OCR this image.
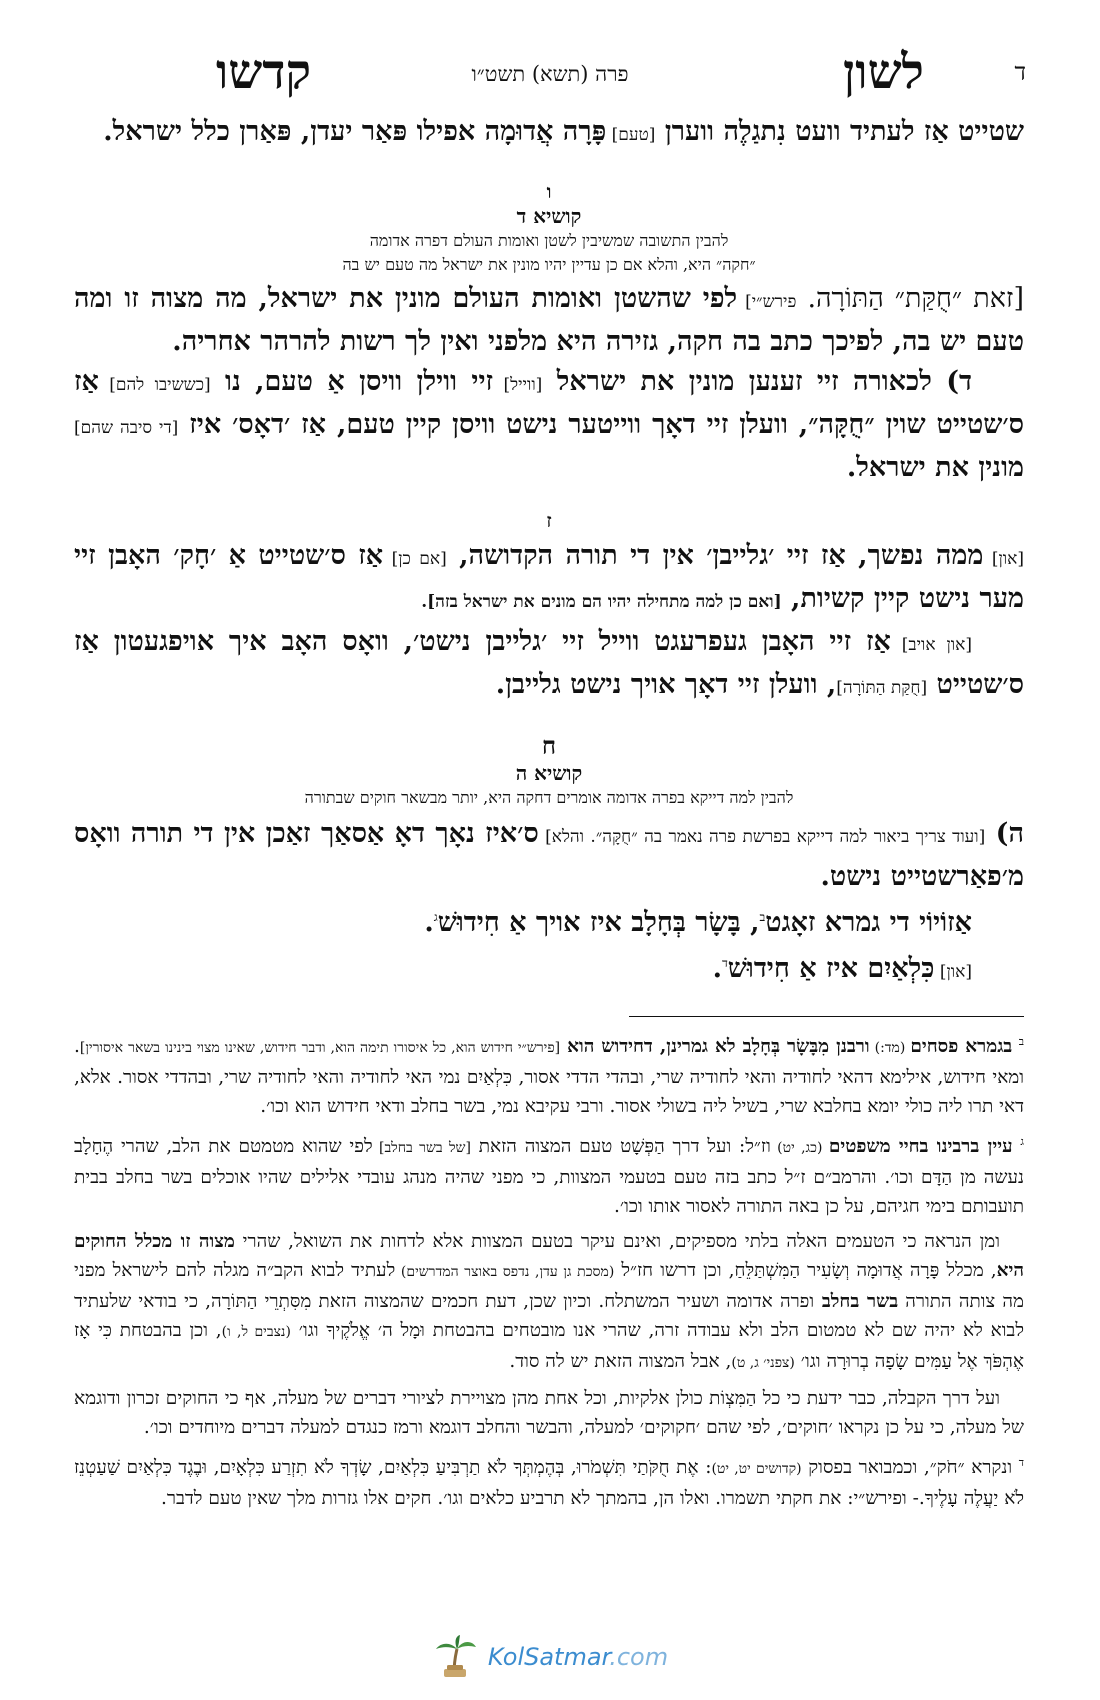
ד
לשון
פרה (תשא) תשט״ו
קדשו

שטייט אַז לעתיד וועט נִתגַלֶה ווערן [טעם] פָּרָה אֲדוּמָה אפילו פּאַר יעדן, פּאַרן כלל ישראל.

ו
קושיא ד
להבין התשובה שמשיבין לשטן ואומות העולם דפרה אדומה
״חקה״ היא, והלא אם כן עדיין יהיו מונין את ישראל מה טעם יש בה

[זאת ״חֻקַּת״ הַתּוֹרָה. פירש״י] לפי שהשטן ואומות העולם מונין את ישראל, מה מצוה זו ומה טעם יש בה, לפיכך כתב בה חקה, גזירה היא מלפני ואין לך רשות להרהר אחריה.

ד) לכאורה זיי זענען מונין את ישראל [ווייל] זיי ווילן וויסן אַ טעם, נו [כששיבו להם] אַז ס׳שטייט שוין ״חֻקָּה״, וועלן זיי דאָך ווייטער נישט וויסן קיין טעם, אַז ׳דאָס׳ איז [די סיבה שהם] מונין את ישראל.

ז

[און] ממה נפשך, אַז זיי ׳גלייבן׳ אין די תורה הקדושה, [אם כן] אַז ס׳שטייט אַ ׳חָק׳ האָבן זיי מער נישט קיין קשיות, [ואם כן למה מתחילה יהיו הם מונים את ישראל בזה].

[און אויב] אַז זיי האָבן געפרעגט ווייל זיי ׳גלייבן נישט׳, וואָס האָב איך אויפגעטון אַז ס׳שטייט [חֻקַּת הַתּוֹרָה], וועלן זיי דאָך אויך נישט גלייבן.

ח
קושיא ה
להבין למה דייקא בפרה אדומה אומרים דחקה היא, יותר מבשאר חוקים שבתורה

ה) [ועוד צריך ביאור למה דייקא בפרשת פרה נאמר בה ״חֻקָּה״. והלא] ס׳איז נאָך דאָ אַסאַך זאַכן אין די תורה וואָס מ׳פאַרשטייט נישט.

אַזוֹיוֹי די גמרא זאָגט$^ב$, בָּשָׂר בְּחָלָב איז אויך אַ חִידוּשׁ$^ג$.

[און] כִּלְאַיִם איז אַ חִידוּשׁ$^ד$.

$^ב$ בגמרא פסחים (מד:) ורבנן מִבָּשָׂר בְּחָלָב לא גמרינן, דחידוש הוא [פירש״י חידוש הוא, כל איסורו תימה הוא, ודבר חידוש, שאינו מצוי בינינו בשאר איסורין]. ומאי חידוש, אילימא דהאי לחודיה והאי לחודיה שרי, ובהדי הדדי אסור, כִּלְאַיִם נמי האי לחודיה והאי לחודיה שרי, ובהדדי אסור. אלא, דאי תרו ליה כולי יומא בחלבא שרי, בשיל ליה בשולי אסור. ורבי עקיבא נמי, בשר בחלב ודאי חידוש הוא וכו׳.

$^ג$ עיין ברבינו בחיי משפטים (כג, יט) וז״ל: ועל דרך הַפְּשָׁט טעם המצוה הזאת [של בשר בחלב] לפי שהוא מטמטם את הלב, שהרי הֶחָלָב נעשה מן הַדָּם וכו׳. והרמב״ם ז״ל כתב בזה טעם בטעמי המצוות, כי מפני שהיה מנהג עובדי אלילים שהיו אוכלים בשר בחלב בבית תועבותם בימי חגיהם, על כן באה התורה לאסור אותו וכו׳.

ומן הנראה כי הטעמים האלה בלתי מספיקים, ואינם עיקר בטעם המצוות אלא לדחות את השואל, שהרי מצוה זו מכלל החוקים היא, מכלל פָּרָה אֲדוּמָה וְשָׂעִיר הַמִּשְׁתַּלֵּחַ, וכן דרשו חז״ל (מסכת גן עדן, נדפס באוצר המדרשים) לעתיד לבוא הקב״ה מגלה להם לישראל מפני מה צותה התורה בשר בחלב ופרה אדומה ושעיר המשתלח. וכיון שכן, דעת חכמים שהמצוה הזאת מִסִּתְרֵי הַתּוֹרָה, כי בודאי שלעתיד לבוא לא יהיה שם לא טמטום הלב ולא עבודה זרה, שהרי אנו מובטחים בהבטחת וּמָל ה׳ אֱלֹקֶיךָ וגו׳ (נצבים ל, ו), וכן בהבטחת כִּי אָז אֶהְפֹּךְ אֶל עַמִּים שָׂפָה בְרוּרָה וגו׳ (צפני׳ ג, ט), אבל המצוה הזאת יש לה סוד.

ועל דרך הקבלה, כבר ידעת כי כל הַמִּצְוֹת כולן אלקיות, וכל אחת מהן מצויירת לציורי דברים של מעלה, אף כי החוקים זכרון ודוגמא של מעלה, כי על כן נקראו ׳חוקים׳, לפי שהם ׳חקוקים׳ למעלה, והבשר והחלב דוגמא ורמז כנגדם למעלה דברים מיוחדים וכו׳.

$^ד$ ונקרא ״חֹק״, וכמבואר בפסוק (קדושים יט, יט): אֶת חֻקֹּתַי תִּשְׁמֹרוּ, בְּהֶמְתְּךָ לֹא תַרְבִּיעַ כִּלְאַיִם, שָׂדְךָ לֹא תִזְרַע כִּלְאָיִם, וּבֶגֶד כִּלְאַיִם שַׁעַטְנֵז לֹא יַעֲלֶה עָלֶיךָ.- ופירש״י: את חקתי תשמרו. ואלו הן, בהמתך לא תרביע כלאים וגו׳. חקים אלו גזרות מלך שאין טעם לדבר.

KolSatmar.com
